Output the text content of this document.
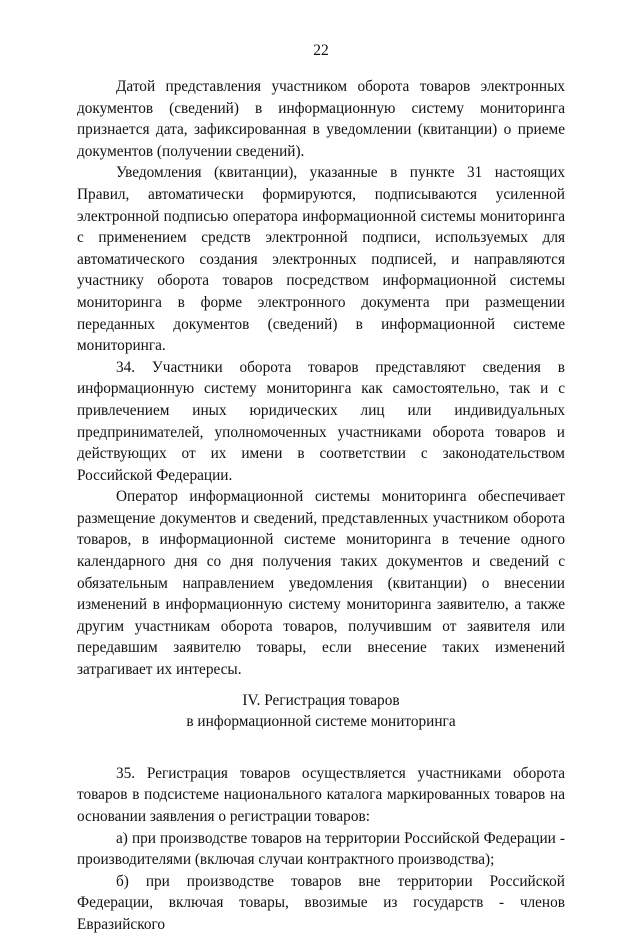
22

Датой представления участником оборота товаров электронных документов (сведений) в информационную систему мониторинга признается дата, зафиксированная в уведомлении (квитанции) о приеме документов (получении сведений).

Уведомления (квитанции), указанные в пункте 31 настоящих Правил, автоматически формируются, подписываются усиленной электронной подписью оператора информационной системы мониторинга с применением средств электронной подписи, используемых для автоматического создания электронных подписей, и направляются участнику оборота товаров посредством информационной системы мониторинга в форме электронного документа при размещении переданных документов (сведений) в информационной системе мониторинга.

34. Участники оборота товаров представляют сведения в информационную систему мониторинга как самостоятельно, так и с привлечением иных юридических лиц или индивидуальных предпринимателей, уполномоченных участниками оборота товаров и действующих от их имени в соответствии с законодательством Российской Федерации.

Оператор информационной системы мониторинга обеспечивает размещение документов и сведений, представленных участником оборота товаров, в информационной системе мониторинга в течение одного календарного дня со дня получения таких документов и сведений с обязательным направлением уведомления (квитанции) о внесении изменений в информационную систему мониторинга заявителю, а также другим участникам оборота товаров, получившим от заявителя или передавшим заявителю товары, если внесение таких изменений затрагивает их интересы.

IV. Регистрация товаров

в информационной системе мониторинга

35. Регистрация товаров осуществляется участниками оборота товаров в подсистеме национального каталога маркированных товаров на основании заявления о регистрации товаров:

а) при производстве товаров на территории Российской Федерации - производителями (включая случаи контрактного производства);

б) при производстве товаров вне территории Российской Федерации, включая товары, ввозимые из государств - членов Евразийского
